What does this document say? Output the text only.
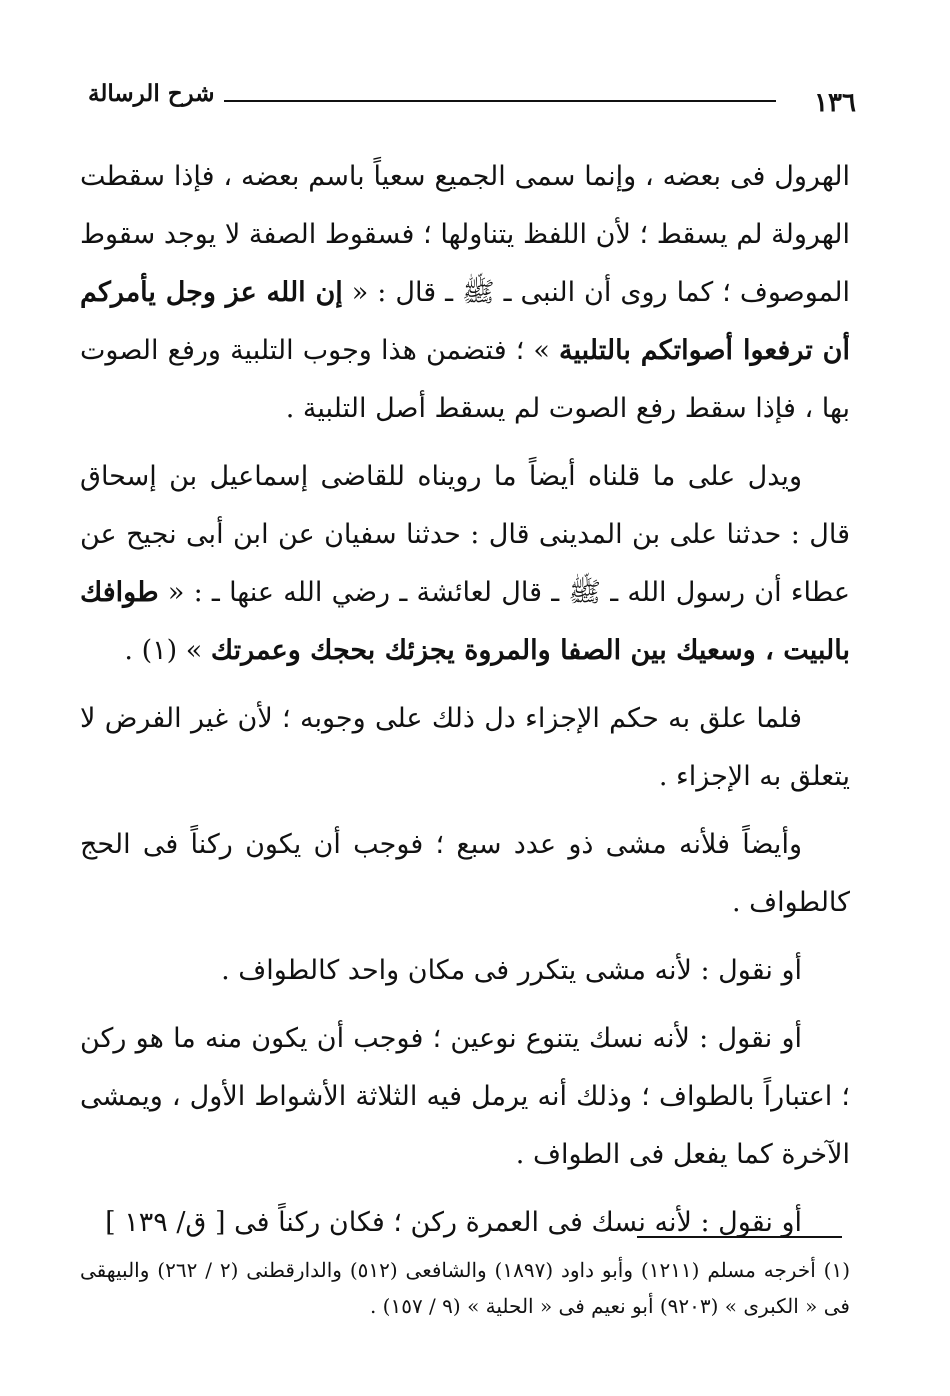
١٣٦
شرح الرسالة

الهرول فى بعضه ، وإنما سمى الجميع سعياً باسم بعضه ، فإذا سقطت الهرولة لم يسقط ؛ لأن اللفظ يتناولها ؛ فسقوط الصفة لا يوجد سقوط الموصوف ؛ كما روى أن النبى ـ ﷺ ـ قال : « إن الله عز وجل يأمركم أن ترفعوا أصواتكم بالتلبية » ؛ فتضمن هذا وجوب التلبية ورفع الصوت بها ، فإذا سقط رفع الصوت لم يسقط أصل التلبية .

ويدل على ما قلناه أيضاً ما رويناه للقاضى إسماعيل بن إسحاق قال : حدثنا على بن المدينى قال : حدثنا سفيان عن ابن أبى نجيح عن عطاء أن رسول الله ـ ﷺ ـ قال لعائشة ـ رضي الله عنها ـ : « طوافك بالبيت ، وسعيك بين الصفا والمروة يجزئك بحجك وعمرتك » (١) .

فلما علق به حكم الإجزاء دل ذلك على وجوبه ؛ لأن غير الفرض لا يتعلق به الإجزاء .

وأيضاً فلأنه مشى ذو عدد سبع ؛ فوجب أن يكون ركناً فى الحج كالطواف .

أو نقول : لأنه مشى يتكرر فى مكان واحد كالطواف .

أو نقول : لأنه نسك يتنوع نوعين ؛ فوجب أن يكون منه ما هو ركن ؛ اعتباراً بالطواف ؛ وذلك أنه يرمل فيه الثلاثة الأشواط الأول ، ويمشى الآخرة كما يفعل فى الطواف .

أو نقول : لأنه نسك فى العمرة ركن ؛ فكان ركناً فى [ ق/ ١٣٩ ]

(١) أخرجه مسلم (١٢١١) وأبو داود (١٨٩٧) والشافعى (٥١٢) والدارقطنى (٢ / ٢٦٢) والبيهقى فى « الكبرى » (٩٢٠٣) أبو نعيم فى « الحلية » (٩ / ١٥٧) .
